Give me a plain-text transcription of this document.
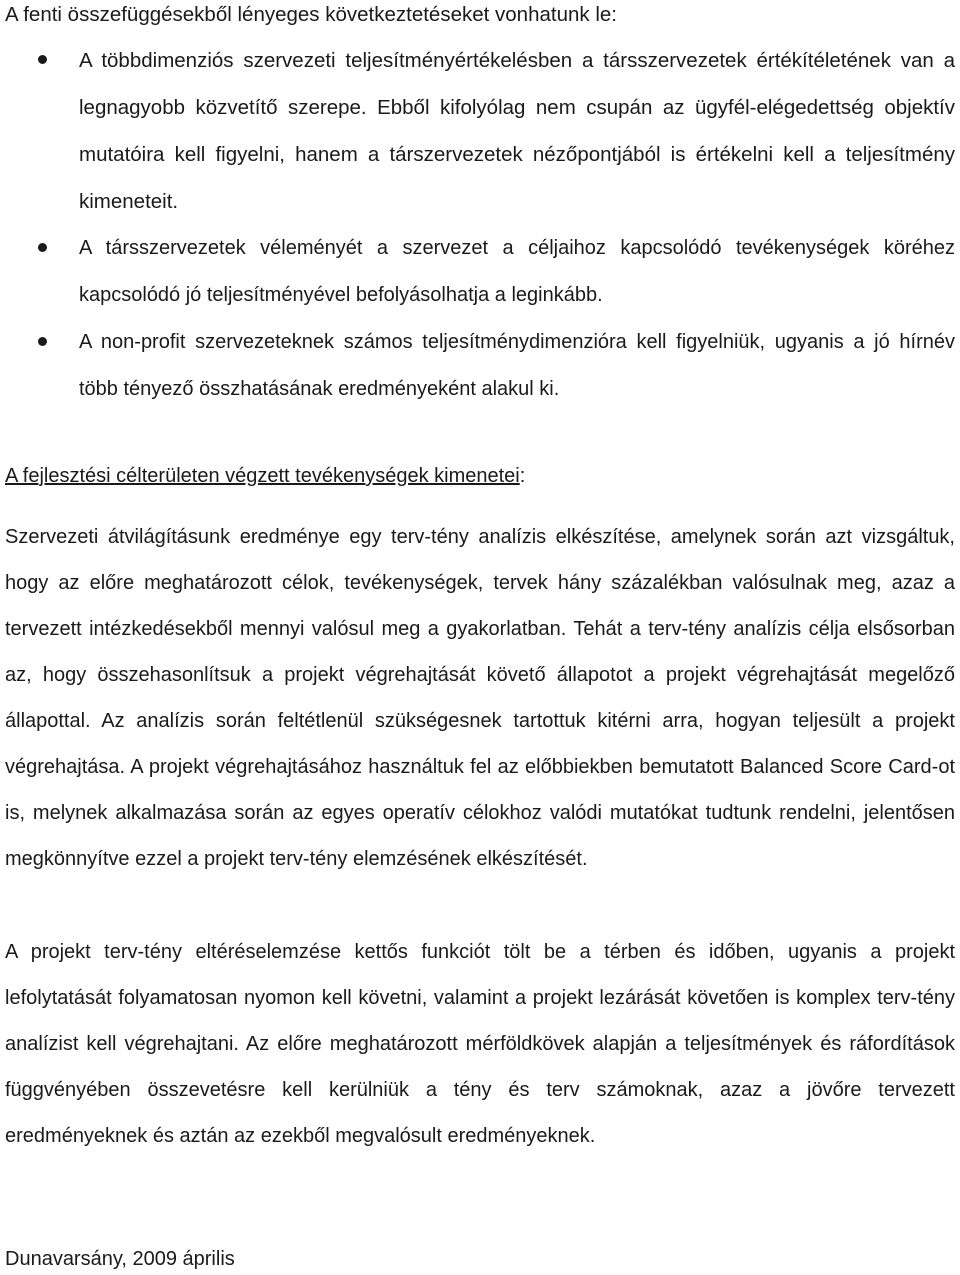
A fenti összefüggésekből lényeges következtetéseket vonhatunk le:

A többdimenziós szervezeti teljesítményértékelésben a társszervezetek értékítéletének van a legnagyobb közvetítő szerepe. Ebből kifolyólag nem csupán az ügyfél-elégedettség objektív mutatóira kell figyelni, hanem a társzervezetek nézőpontjából is értékelni kell a teljesítmény kimeneteit.
A társszervezetek véleményét a szervezet a céljaihoz kapcsolódó tevékenységek köréhez kapcsolódó jó teljesítményével befolyásolhatja a leginkább.
A non-profit szervezeteknek számos teljesítménydimenzióra kell figyelniük, ugyanis a jó hírnév több tényező összhatásának eredményeként alakul ki.

A fejlesztési célterületen végzett tevékenységek kimenetei:

Szervezeti átvilágításunk eredménye egy terv-tény analízis elkészítése, amelynek során azt vizsgáltuk, hogy az előre meghatározott célok, tevékenységek, tervek hány százalékban valósulnak meg, azaz a tervezett intézkedésekből mennyi valósul meg a gyakorlatban. Tehát a terv-tény analízis célja elsősorban az, hogy összehasonlítsuk a projekt végrehajtását követő állapotot a projekt végrehajtását megelőző állapottal. Az analízis során feltétlenül szükségesnek tartottuk kitérni arra, hogyan teljesült a projekt végrehajtása. A projekt végrehajtásához használtuk fel az előbbiekben bemutatott Balanced Score Card-ot is, melynek alkalmazása során az egyes operatív célokhoz valódi mutatókat tudtunk rendelni, jelentősen megkönnyítve ezzel a projekt terv-tény elemzésének elkészítését.

A projekt terv-tény eltéréselemzése kettős funkciót tölt be a térben és időben, ugyanis a projekt lefolytatását folyamatosan nyomon kell követni, valamint a projekt lezárását követően is komplex terv-tény analízist kell végrehajtani. Az előre meghatározott mérföldkövek alapján a teljesítmények és ráfordítások függvényében összevetésre kell kerülniük a tény és terv számoknak, azaz a jövőre tervezett eredményeknek és aztán az ezekből megvalósult eredményeknek.

Dunavarsány, 2009 április
